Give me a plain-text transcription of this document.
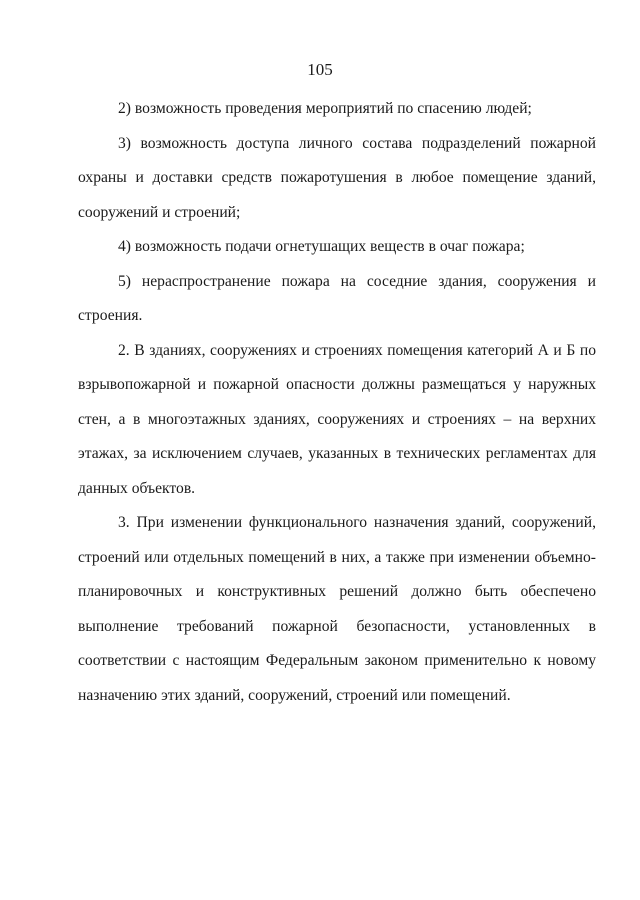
105

2) возможность проведения мероприятий по спасению людей;

3) возможность доступа личного состава подразделений пожарной охраны и доставки средств пожаротушения в любое помещение зданий, сооружений и строений;

4) возможность подачи огнетушащих веществ в очаг пожара;

5) нераспространение пожара на соседние здания, сооружения и строения.

2. В зданиях, сооружениях и строениях помещения категорий А и Б по взрывопожарной и пожарной опасности должны размещаться у наружных стен, а в многоэтажных зданиях, сооружениях и строениях – на верхних этажах, за исключением случаев, указанных в технических регламентах для данных объектов.

3. При изменении функционального назначения зданий, сооружений, строений или отдельных помещений в них, а также при изменении объемно-планировочных и конструктивных решений должно быть обеспечено выполнение требований пожарной безопасности, установленных в соответствии с настоящим Федеральным законом применительно к новому назначению этих зданий, сооружений, строений или помещений.
